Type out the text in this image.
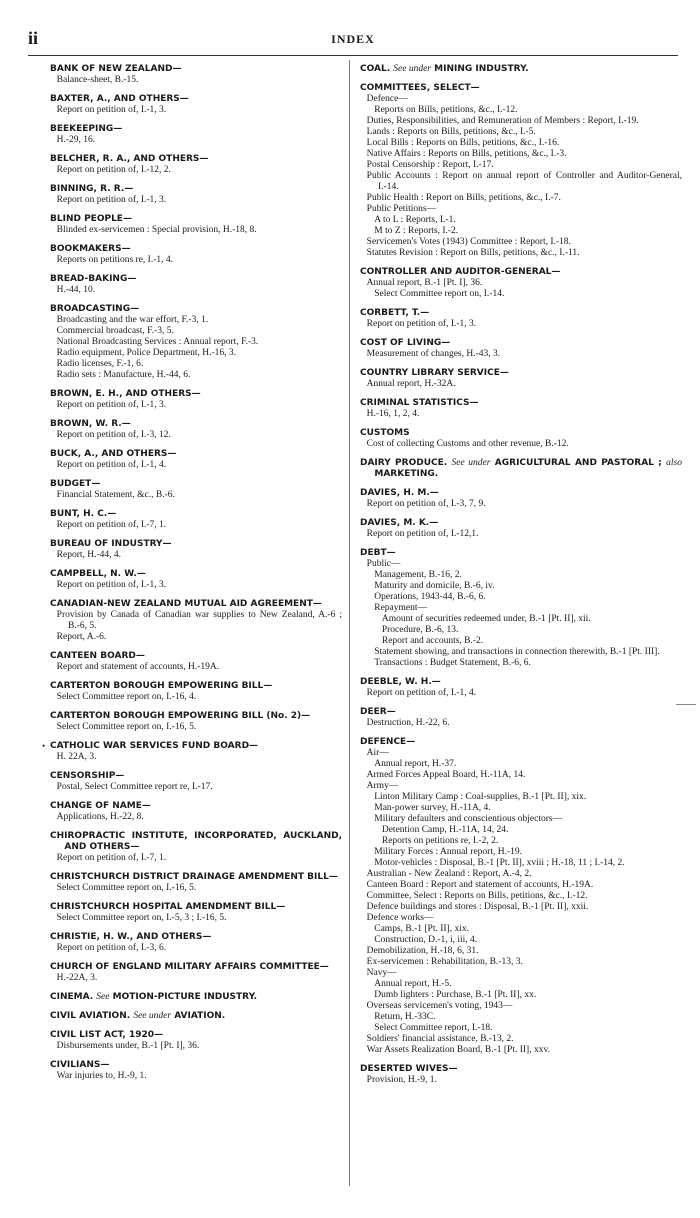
ii	INDEX

BANK OF NEW ZEALAND—

Balance-sheet, B.-15.

BAXTER, A., AND OTHERS—

Report on petition of, I.-1, 3.

BEEKEEPING—

H.-29, 16.

BELCHER, R. A., AND OTHERS—

Report on petition of, I.-12, 2.

BINNING, R. R.—

Report on petition of, I.-1, 3.

BLIND PEOPLE—

Blinded ex-servicemen : Special provision, H.-18, 8.

BOOKMAKERS—

Reports on petitions re, I.-1, 4.

BREAD-BAKING—

H.-44, 10.

BROADCASTING—

Broadcasting and the war effort, F.-3, 1.

Commercial broadcast, F.-3, 5.

National Broadcasting Services : Annual report, F.-3.

Radio equipment, Police Department, H.-16, 3.

Radio licenses, F.-1, 6.

Radio sets : Manufacture, H.-44, 6.

BROWN, E. H., AND OTHERS—

Report on petition of, I.-1, 3.

BROWN, W. R.—

Report on petition of, I.-3, 12.

BUCK, A., AND OTHERS—

Report on petition of, I.-1, 4.

BUDGET—

Financial Statement, &c., B.-6.

BUNT, H. C.—

Report on petition of, I.-7, 1.

BUREAU OF INDUSTRY—

Report, H.-44, 4.

CAMPBELL, N. W.—

Report on petition of, I.-1, 3.

CANADIAN-NEW ZEALAND MUTUAL AID AGREEMENT—

Provision by Canada of Canadian war supplies to New Zealand, A.-6 ; B.-6, 5.

Report, A.-6.

CANTEEN BOARD—

Report and statement of accounts, H.-19A.

CARTERTON BOROUGH EMPOWERING BILL—

Select Committee report on, I.-16, 4.

CARTERTON BOROUGH EMPOWERING BILL (No. 2)—

Select Committee report on, I.-16, 5.

• CATHOLIC WAR SERVICES FUND BOARD—

H. 22A, 3.

CENSORSHIP—

Postal, Select Committee report re, I.-17.

CHANGE OF NAME—

Applications, H.-22, 8.

CHIROPRACTIC INSTITUTE, INCORPORATED, AUCKLAND, AND OTHERS—

Report on petition of, I.-7, 1.

CHRISTCHURCH DISTRICT DRAINAGE AMENDMENT BILL—

Select Committee report on, I.-16, 5.

CHRISTCHURCH HOSPITAL AMENDMENT BILL—

Select Committee report on, I.-5, 3 ; I.-16, 5.

CHRISTIE, H. W., AND OTHERS—

Report on petition of, I.-3, 6.

CHURCH OF ENGLAND MILITARY AFFAIRS COMMITTEE—

H.-22A, 3.

CINEMA. See MOTION-PICTURE INDUSTRY.

CIVIL AVIATION. See under AVIATION.

CIVIL LIST ACT, 1920—

Disbursements under, B.-1 [Pt. I], 36.

CIVILIANS—

War injuries to, H.-9, 1.

COAL. See under MINING INDUSTRY.

COMMITTEES, SELECT—

Defence—

Reports on Bills, petitions, &c., I.-12.

Duties, Responsibilities, and Remuneration of Members : Report, I.-19.

Lands : Reports on Bills, petitions, &c., I.-5.

Local Bills : Reports on Bills, petitions, &c., I.-16.

Native Affairs : Reports on Bills, petitions, &c., I.-3.

Postal Censorship : Report, I.-17.

Public Accounts : Report on annual report of Controller and Auditor-General, I.-14.

Public Health : Report on Bills, petitions, &c., I.-7.

Public Petitions—

A to L : Reports, I.-1.

M to Z : Reports, I.-2.

Servicemen's Votes (1943) Committee : Report, I.-18.

Statutes Revision : Report on Bills, petitions, &c., I.-11.

CONTROLLER AND AUDITOR-GENERAL—

Annual report, B.-1 [Pt. I], 36.

Select Committee report on, I.-14.

CORBETT, T.—

Report on petition of, I.-1, 3.

COST OF LIVING—

Measurement of changes, H.-43, 3.

COUNTRY LIBRARY SERVICE—

Annual report, H.-32A.

CRIMINAL STATISTICS—

H.-16, 1, 2, 4.

CUSTOMS

Cost of collecting Customs and other revenue, B.-12.

DAIRY PRODUCE. See under AGRICULTURAL AND PASTORAL ; also MARKETING.

DAVIES, H. M.—

Report on petition of, I.-3, 7, 9.

DAVIES, M. K.—

Report on petition of, I.-12,1.

DEBT—

Public—

Management, B.-16, 2.

Maturity and domicile, B.-6, iv.

Operations, 1943-44, B.-6, 6.

Repayment—

Amount of securities redeemed under, B.-1 [Pt. II], xii.

Procedure, B.-6, 13.

Report and accounts, B.-2.

Statement showing, and transactions in connection therewith, B.-1 [Pt. III].

Transactions : Budget Statement, B.-6, 6.

DEEBLE, W. H.—

Report on petition of, I.-1, 4.

DEER—

Destruction, H.-22, 6.

DEFENCE—

Air—

Annual report, H.-37.

Armed Forces Appeal Board, H.-11A, 14.

Army—

Linton Military Camp : Coal-supplies, B.-1 [Pt. II], xix.

Man-power survey, H.-11A, 4.

Military defaulters and conscientious objectors—

Detention Camp, H.-11A, 14, 24.

Reports on petitions re, I.-2, 2.

Military Forces : Annual report, H.-19.

Motor-vehicles : Disposal, B.-1 [Pt. II], xviii ; H.-18, 11 ; I.-14, 2.

Australian - New Zealand : Report, A.-4, 2.

Canteen Board : Report and statement of accounts, H.-19A.

Committee, Select : Reports on Bills, petitions, &c., I.-12.

Defence buildings and stores : Disposal, B.-1 [Pt. II], xxii.

Defence works—

Camps, B.-1 [Pt. II], xix.

Construction, D.-1, i, iii, 4.

Demobilization, H.-18, 6, 31.

Ex-servicemen : Rehabilitation, B.-13, 3.

Navy—

Annual report, H.-5.

Dumb lighters : Purchase, B.-1 [Pt. II], xx.

Overseas servicemen's voting, 1943—

Return, H.-33C.

Select Committee report, I.-18.

Soldiers' financial assistance, B.-13, 2.

War Assets Realization Board, B.-1 [Pt. II], xxv.

DESERTED WIVES—

Provision, H.-9, 1.
